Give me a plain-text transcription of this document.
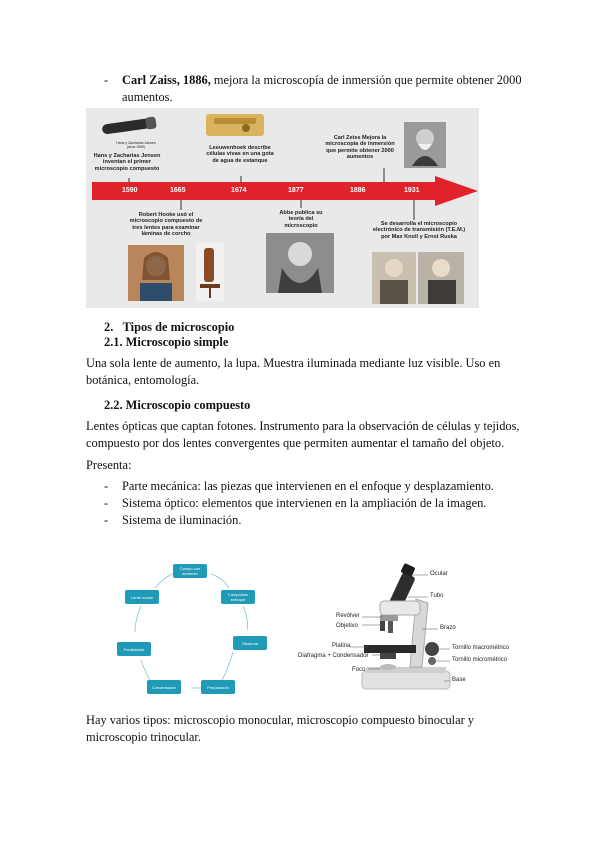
-	Carl Zaiss, 1886, mejora la microscopía de inmersión que permite obtener 2000
aumentos.
Hans y Zacharias Jansen (circa 1590)
Hans y Zacharias Jensen inventan el primer microscopio compuesto
Leeuwenhoek describe células vivas en una gota de agua de estanque
Carl Zeiss Mejora la microscopía de inmersión que permite obtener 2000 aumentos
1590	1665	1674	1877	1886	1931
Robert Hooke usó el microscopio compuesto de tres lentes para examinar láminas de corcho
Abbe publica su teoría del microscopio	Se desarrolla el microscopio electrónico de transmisión (T.E.M.) por Max Knoll y Ernst Ruska
2.   Tipos de microscopio
2.1. Microscopio simple
Una sola lente de aumento, la lupa. Muestra iluminada mediante luz visible. Uso en
botánica, entomología.
2.2. Microscopio compuesto
Lentes ópticas que captan fotones. Instrumento para la observación de células y tejidos,
compuesto por dos lentes convergentes que permiten aumentar el tamaño del objeto.
Presenta:
- Parte mecánica: las piezas que intervienen en el enfoque y desplazamiento.
- Sistema óptico: elementos que intervienen en la ampliación de la imagen.
- Sistema de iluminación.
Campo con aumento
Comprobar enfoque
Observar
Preparación
Condensador
Focalizador
Lente ocular
Ocular
Tubo
Revólver
Objetivo	Brazo
Platina
Diafragma + Condensador
Foco
Tornillo macrométrico
Tornillo micrométrico
Base
Hay varios tipos: microscopio monocular, microscopio compuesto binocular y
microscopio trinocular.
